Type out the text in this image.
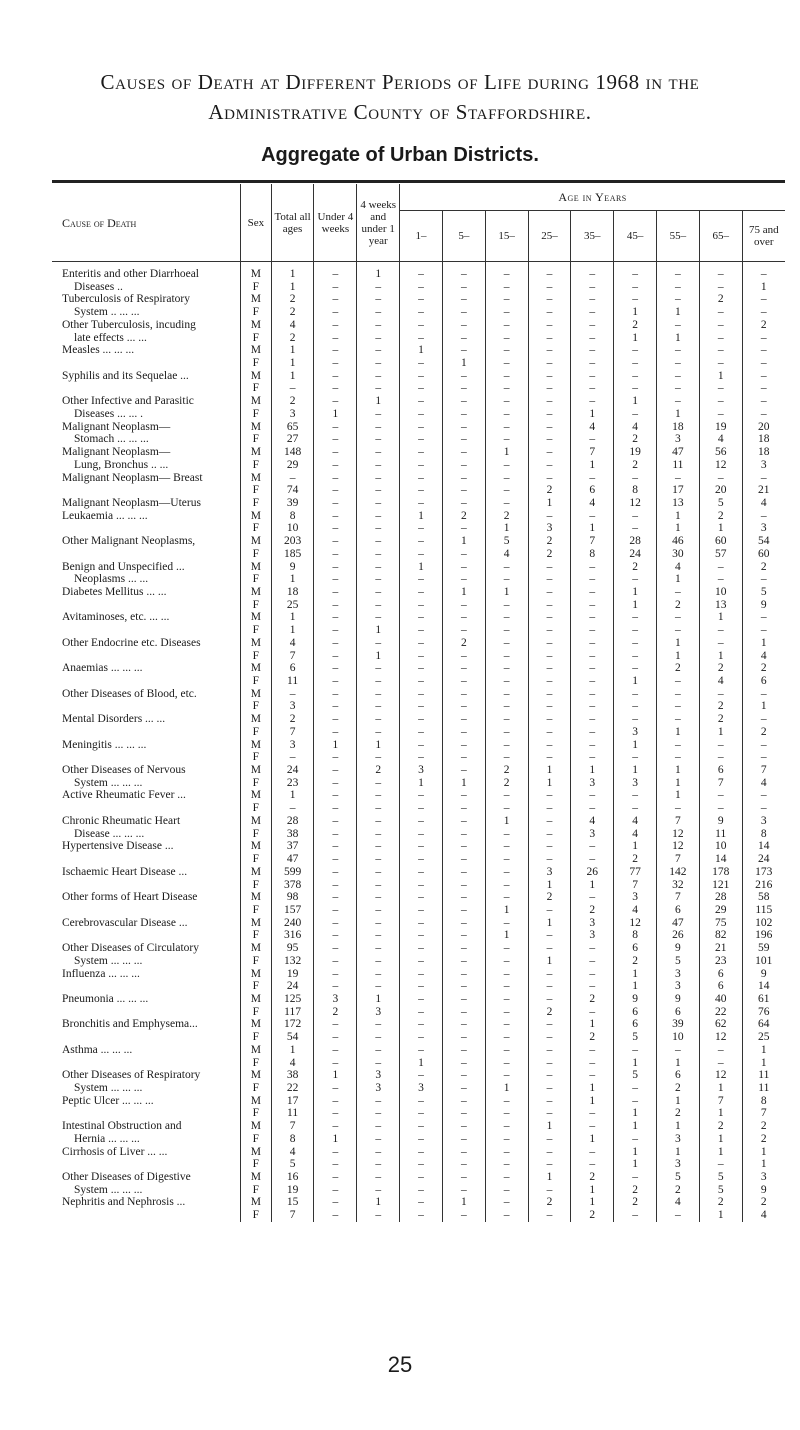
Causes of Death at Different Periods of Life during 1968 in the
Administrative County of Staffordshire.
Aggregate of Urban Districts.
Cause of Death	Sex	Total all ages	Under 4 weeks	4 weeks and under 1 year	Age in Years								
					1–	5–	15–	25–	35–	45–	55–	65–	75 and over
Enteritis and other Diarrhoeal	M	1	–	1	–	–	–	–	–	–	–	–	–
Diseases ..	F	1	–	–	–	–	–	–	–	–	–	–	1
Tuberculosis of Respiratory	M	2	–	–	–	–	–	–	–	–	–	2	–
System .. ... ...	F	2	–	–	–	–	–	–	–	1	1	–	–
Other Tuberculosis, incuding	M	4	–	–	–	–	–	–	–	2	–	–	2
late effects ... ...	F	2	–	–	–	–	–	–	–	1	1	–	–
Measles ... ... ...	M	1	–	–	1	–	–	–	–	–	–	–	–
	F	1	–	–	–	1	–	–	–	–	–	–	–
Syphilis and its Sequelae ...	M	1	–	–	–	–	–	–	–	–	–	1	–
	F	–	–	–	–	–	–	–	–	–	–	–	–
Other Infective and Parasitic	M	2	–	1	–	–	–	–	–	1	–	–	–
Diseases ... ... .	F	3	1	–	–	–	–	–	1	–	1	–	–
Malignant Neoplasm—	M	65	–	–	–	–	–	–	4	4	18	19	20
Stomach ... ... ...	F	27	–	–	–	–	–	–	–	2	3	4	18
Malignant Neoplasm—	M	148	–	–	–	–	1	–	7	19	47	56	18
Lung, Bronchus .. ...	F	29	–	–	–	–	–	–	1	2	11	12	3
Malignant Neoplasm— Breast	M	–	–	–	–	–	–	–	–	–	–	–	–
	F	74	–	–	–	–	–	2	6	8	17	20	21
Malignant Neoplasm—Uterus	F	39	–	–	–	–	–	1	4	12	13	5	4
Leukaemia ... ... ...	M	8	–	–	1	2	2	–	–	–	1	2	–
	F	10	–	–	–	–	1	3	1	–	1	1	3
Other Malignant Neoplasms,	M	203	–	–	–	1	5	2	7	28	46	60	54
	F	185	–	–	–	–	4	2	8	24	30	57	60
Benign and Unspecified ...	M	9	–	–	1	–	–	–	–	2	4	–	2
Neoplasms ... ...	F	1	–	–	–	–	–	–	–	–	1	–	–
Diabetes Mellitus ... ...	M	18	–	–	–	1	1	–	–	1	–	10	5
	F	25	–	–	–	–	–	–	–	1	2	13	9
Avitaminoses, etc. ... ...	M	1	–	–	–	–	–	–	–	–	–	1	–
	F	1	–	1	–	–	–	–	–	–	–	–	–
Other Endocrine etc. Diseases	M	4	–	–	–	2	–	–	–	–	1	–	1
	F	7	–	1	–	–	–	–	–	–	1	1	4
Anaemias ... ... ...	M	6	–	–	–	–	–	–	–	–	2	2	2
	F	11	–	–	–	–	–	–	–	1	–	4	6
Other Diseases of Blood, etc.	M	–	–	–	–	–	–	–	–	–	–	–	–
	F	3	–	–	–	–	–	–	–	–	–	2	1
Mental Disorders ... ...	M	2	–	–	–	–	–	–	–	–	–	2	–
	F	7	–	–	–	–	–	–	–	3	1	1	2
Meningitis ... ... ...	M	3	1	1	–	–	–	–	–	1	–	–	–
	F	–	–	–	–	–	–	–	–	–	–	–	–
Other Diseases of Nervous	M	24	–	2	3	–	2	1	1	1	1	6	7
System ... ... ...	F	23	–	–	1	1	2	1	3	3	1	7	4
Active Rheumatic Fever ...	M	1	–	–	–	–	–	–	–	–	1	–	–
	F	–	–	–	–	–	–	–	–	–	–	–	–
Chronic Rheumatic Heart	M	28	–	–	–	–	1	–	4	4	7	9	3
Disease ... ... ...	F	38	–	–	–	–	–	–	3	4	12	11	8
Hypertensive Disease ...	M	37	–	–	–	–	–	–	–	1	12	10	14
	F	47	–	–	–	–	–	–	–	2	7	14	24
Ischaemic Heart Disease ...	M	599	–	–	–	–	–	3	26	77	142	178	173
	F	378	–	–	–	–	–	1	1	7	32	121	216
Other forms of Heart Disease	M	98	–	–	–	–	–	2	–	3	7	28	58
	F	157	–	–	–	–	1	–	2	4	6	29	115
Cerebrovascular Disease ...	M	240	–	–	–	–	–	1	3	12	47	75	102
	F	316	–	–	–	–	1	–	3	8	26	82	196
Other Diseases of Circulatory	M	95	–	–	–	–	–	–	–	6	9	21	59
System ... ... ...	F	132	–	–	–	–	–	1	–	2	5	23	101
Influenza ... ... ...	M	19	–	–	–	–	–	–	–	1	3	6	9
	F	24	–	–	–	–	–	–	–	1	3	6	14
Pneumonia ... ... ...	M	125	3	1	–	–	–	–	2	9	9	40	61
	F	117	2	3	–	–	–	2	–	6	6	22	76
Bronchitis and Emphysema...	M	172	–	–	–	–	–	–	1	6	39	62	64
	F	54	–	–	–	–	–	–	2	5	10	12	25
Asthma ... ... ...	M	1	–	–	–	–	–	–	–	–	–	–	1
	F	4	–	–	1	–	–	–	–	1	1	–	1
Other Diseases of Respiratory	M	38	1	3	–	–	–	–	–	5	6	12	11
System ... ... ...	F	22	–	3	3	–	1	–	1	–	2	1	11
Peptic Ulcer ... ... ...	M	17	–	–	–	–	–	–	1	–	1	7	8
	F	11	–	–	–	–	–	–	–	1	2	1	7
Intestinal Obstruction and	M	7	–	–	–	–	–	1	–	1	1	2	2
Hernia ... ... ...	F	8	1	–	–	–	–	–	1	–	3	1	2
Cirrhosis of Liver ... ...	M	4	–	–	–	–	–	–	–	1	1	1	1
	F	5	–	–	–	–	–	–	–	1	3	–	1
Other Diseases of Digestive	M	16	–	–	–	–	–	1	2	–	5	5	3
System ... ... ...	F	19	–	–	–	–	–	–	1	2	2	5	9
Nephritis and Nephrosis ...	M	15	–	1	–	1	–	2	1	2	4	2	2
	F	7	–	–	–	–	–	–	2	–	–	1	4
25
